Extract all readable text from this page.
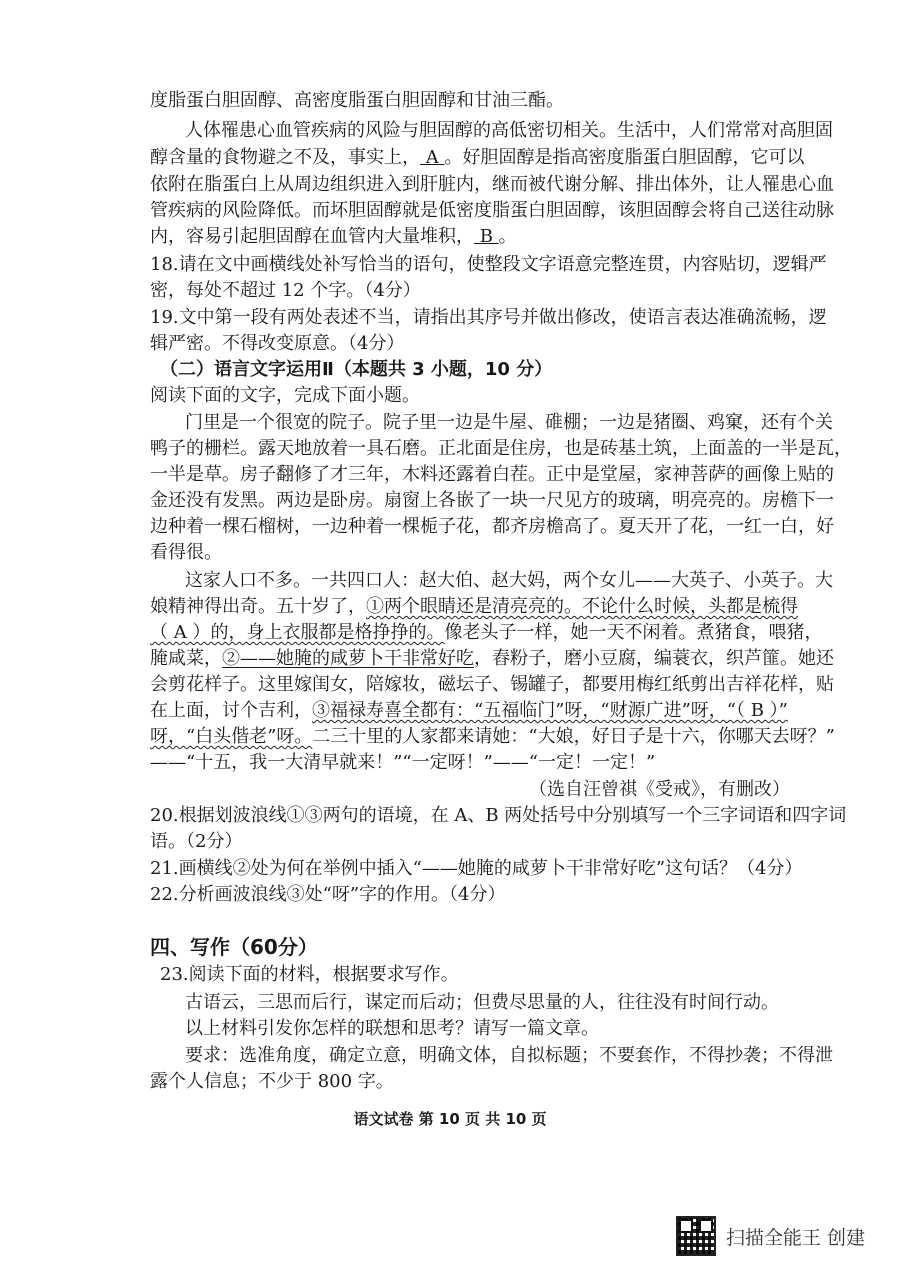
度脂蛋白胆固醇、高密度脂蛋白胆固醇和甘油三酯。
人体罹患心血管疾病的风险与胆固醇的高低密切相关。生活中，人们常常对高胆固
醇含量的食物避之不及，事实上， A 。好胆固醇是指高密度脂蛋白胆固醇，它可以
依附在脂蛋白上从周边组织进入到肝脏内，继而被代谢分解、排出体外，让人罹患心血
管疾病的风险降低。而坏胆固醇就是低密度脂蛋白胆固醇，该胆固醇会将自己送往动脉
内，容易引起胆固醇在血管内大量堆积， B 。
18.请在文中画横线处补写恰当的语句，使整段文字语意完整连贯，内容贴切，逻辑严
密，每处不超过 12 个字。（4分）
19.文中第一段有两处表述不当，请指出其序号并做出修改，使语言表达准确流畅，逻
辑严密。不得改变原意。（4分）
（二）语言文字运用Ⅱ（本题共 3 小题，10 分）
阅读下面的文字，完成下面小题。
门里是一个很宽的院子。院子里一边是牛屋、碓棚；一边是猪圈、鸡窠，还有个关
鸭子的栅栏。露天地放着一具石磨。正北面是住房，也是砖基土筑，上面盖的一半是瓦，
一半是草。房子翻修了才三年，木料还露着白茬。正中是堂屋，家神菩萨的画像上贴的
金还没有发黑。两边是卧房。扇窗上各嵌了一块一尺见方的玻璃，明亮亮的。房檐下一
边种着一棵石榴树，一边种着一棵栀子花，都齐房檐高了。夏天开了花，一红一白，好
看得很。
这家人口不多。一共四口人：赵大伯、赵大妈，两个女儿——大英子、小英子。大
娘精神得出奇。五十岁了，①两个眼睛还是清亮亮的。不论什么时候，头都是梳得
（ A ）的，身上衣服都是格挣挣的。像老头子一样，她一天不闲着。煮猪食，喂猪，
腌咸菜，②——她腌的咸萝卜干非常好吃，舂粉子，磨小豆腐，编蓑衣，织芦篚。她还
会剪花样子。这里嫁闺女，陪嫁妆，磁坛子、锡罐子，都要用梅红纸剪出吉祥花样，贴
在上面，讨个吉利，③福禄寿喜全都有：“五福临门”呀，“财源广进”呀，“（ B ）”
呀，“白头偕老”呀。二三十里的人家都来请她：“大娘，好日子是十六，你哪天去呀？”
——“十五，我一大清早就来！”“一定呀！”——“一定！一定！”
（选自汪曾祺《受戒》，有删改）
20.根据划波浪线①③两句的语境，在 A、B 两处括号中分别填写一个三字词语和四字词
语。（2分）
21.画横线②处为何在举例中插入“——她腌的咸萝卜干非常好吃”这句话？（4分）
22.分析画波浪线③处“呀”字的作用。（4分）
四、写作（60分）
23.阅读下面的材料，根据要求写作。
古语云，三思而后行，谋定而后动；但费尽思量的人，往往没有时间行动。
以上材料引发你怎样的联想和思考？请写一篇文章。
要求：选准角度，确定立意，明确文体，自拟标题；不要套作，不得抄袭；不得泄
露个人信息；不少于 800 字。
语文试卷 第 10 页 共 10 页
扫描全能王 创建
